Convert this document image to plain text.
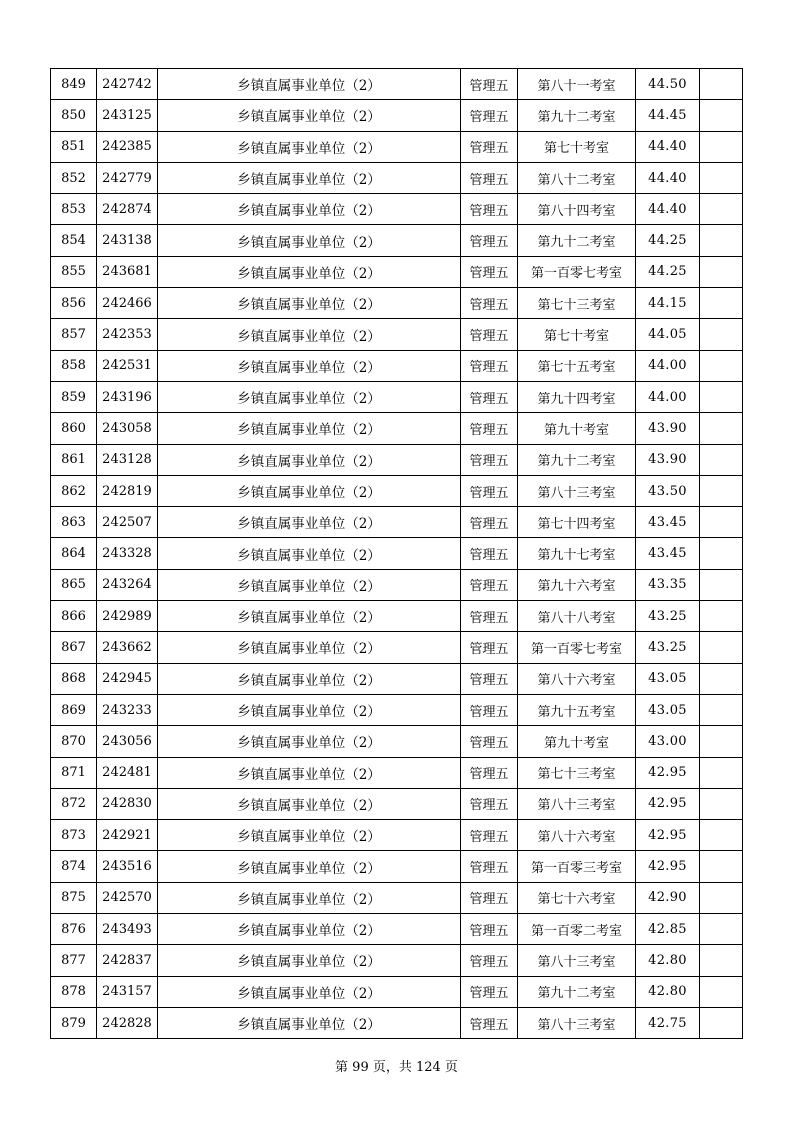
849	242742	乡镇直属事业单位（2）	管理五	第八十一考室	44.50	
850	243125	乡镇直属事业单位（2）	管理五	第九十二考室	44.45	
851	242385	乡镇直属事业单位（2）	管理五	第七十考室	44.40	
852	242779	乡镇直属事业单位（2）	管理五	第八十二考室	44.40	
853	242874	乡镇直属事业单位（2）	管理五	第八十四考室	44.40	
854	243138	乡镇直属事业单位（2）	管理五	第九十二考室	44.25	
855	243681	乡镇直属事业单位（2）	管理五	第一百零七考室	44.25	
856	242466	乡镇直属事业单位（2）	管理五	第七十三考室	44.15	
857	242353	乡镇直属事业单位（2）	管理五	第七十考室	44.05	
858	242531	乡镇直属事业单位（2）	管理五	第七十五考室	44.00	
859	243196	乡镇直属事业单位（2）	管理五	第九十四考室	44.00	
860	243058	乡镇直属事业单位（2）	管理五	第九十考室	43.90	
861	243128	乡镇直属事业单位（2）	管理五	第九十二考室	43.90	
862	242819	乡镇直属事业单位（2）	管理五	第八十三考室	43.50	
863	242507	乡镇直属事业单位（2）	管理五	第七十四考室	43.45	
864	243328	乡镇直属事业单位（2）	管理五	第九十七考室	43.45	
865	243264	乡镇直属事业单位（2）	管理五	第九十六考室	43.35	
866	242989	乡镇直属事业单位（2）	管理五	第八十八考室	43.25	
867	243662	乡镇直属事业单位（2）	管理五	第一百零七考室	43.25	
868	242945	乡镇直属事业单位（2）	管理五	第八十六考室	43.05	
869	243233	乡镇直属事业单位（2）	管理五	第九十五考室	43.05	
870	243056	乡镇直属事业单位（2）	管理五	第九十考室	43.00	
871	242481	乡镇直属事业单位（2）	管理五	第七十三考室	42.95	
872	242830	乡镇直属事业单位（2）	管理五	第八十三考室	42.95	
873	242921	乡镇直属事业单位（2）	管理五	第八十六考室	42.95	
874	243516	乡镇直属事业单位（2）	管理五	第一百零三考室	42.95	
875	242570	乡镇直属事业单位（2）	管理五	第七十六考室	42.90	
876	243493	乡镇直属事业单位（2）	管理五	第一百零二考室	42.85	
877	242837	乡镇直属事业单位（2）	管理五	第八十三考室	42.80	
878	243157	乡镇直属事业单位（2）	管理五	第九十二考室	42.80	
879	242828	乡镇直属事业单位（2）	管理五	第八十三考室	42.75	
第 99 页，共 124 页
